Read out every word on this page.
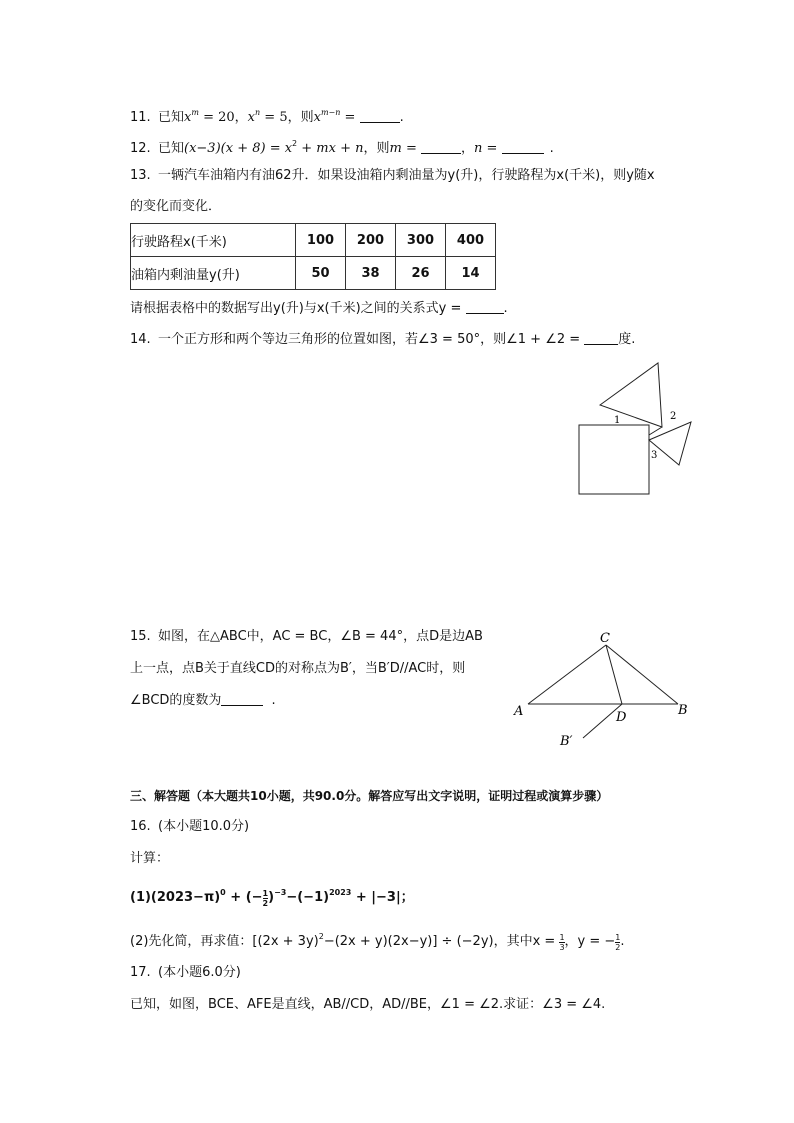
11. 已知$x^m = 20$，$x^n = 5$，则$x^{m-n}$ =	.
12. 已知$(x-3)(x + 8) = x^2$ + mx + n，则m =	，n =	.
13. 一辆汽车油箱内有油62升．如果设油箱内剩油量为y(升)，行驶路程为x(千米)，则y随x
的变化而变化．
行驶路程x(千米)	100	200	300	400
油箱内剩油量y(升)	50	38	26	14
请根据表格中的数据写出y(升)与x(千米)之间的关系式y =	.
14. 一个正方形和两个等边三角形的位置如图，若∠3 = 50°，则∠1 + ∠2 =	度.
1	2
3
15. 如图，在△ABC中，AC = BC，∠B = 44°，点D是边AB
上一点，点B关于直线CD的对称点为B′，当B′D//AC时，则
∠BCD的度数为	.
C
A	B
D
B′
三、解答题（本大题共10小题，共90.0分。解答应写出文字说明，证明过程或演算步骤）
16. (本小题10.0分)
计算：
$(1)(2023-\pi)^0$ + (− $\frac{1}{2} )^{-3}-(-1)^{2023} + |-3|$；
(2)先化简，再求值：$[(2x + 3y)^2-(2x + y)(2x-y)] \div (-2y)$，其中$x = \frac{1}{3}$ ，y = − $\frac{1}{2}$ .
17. (本小题6.0分)
已知，如图，BCE、AFE是直线，AB//CD，AD//BE，∠1 = ∠2.求证：∠3 = ∠4.
